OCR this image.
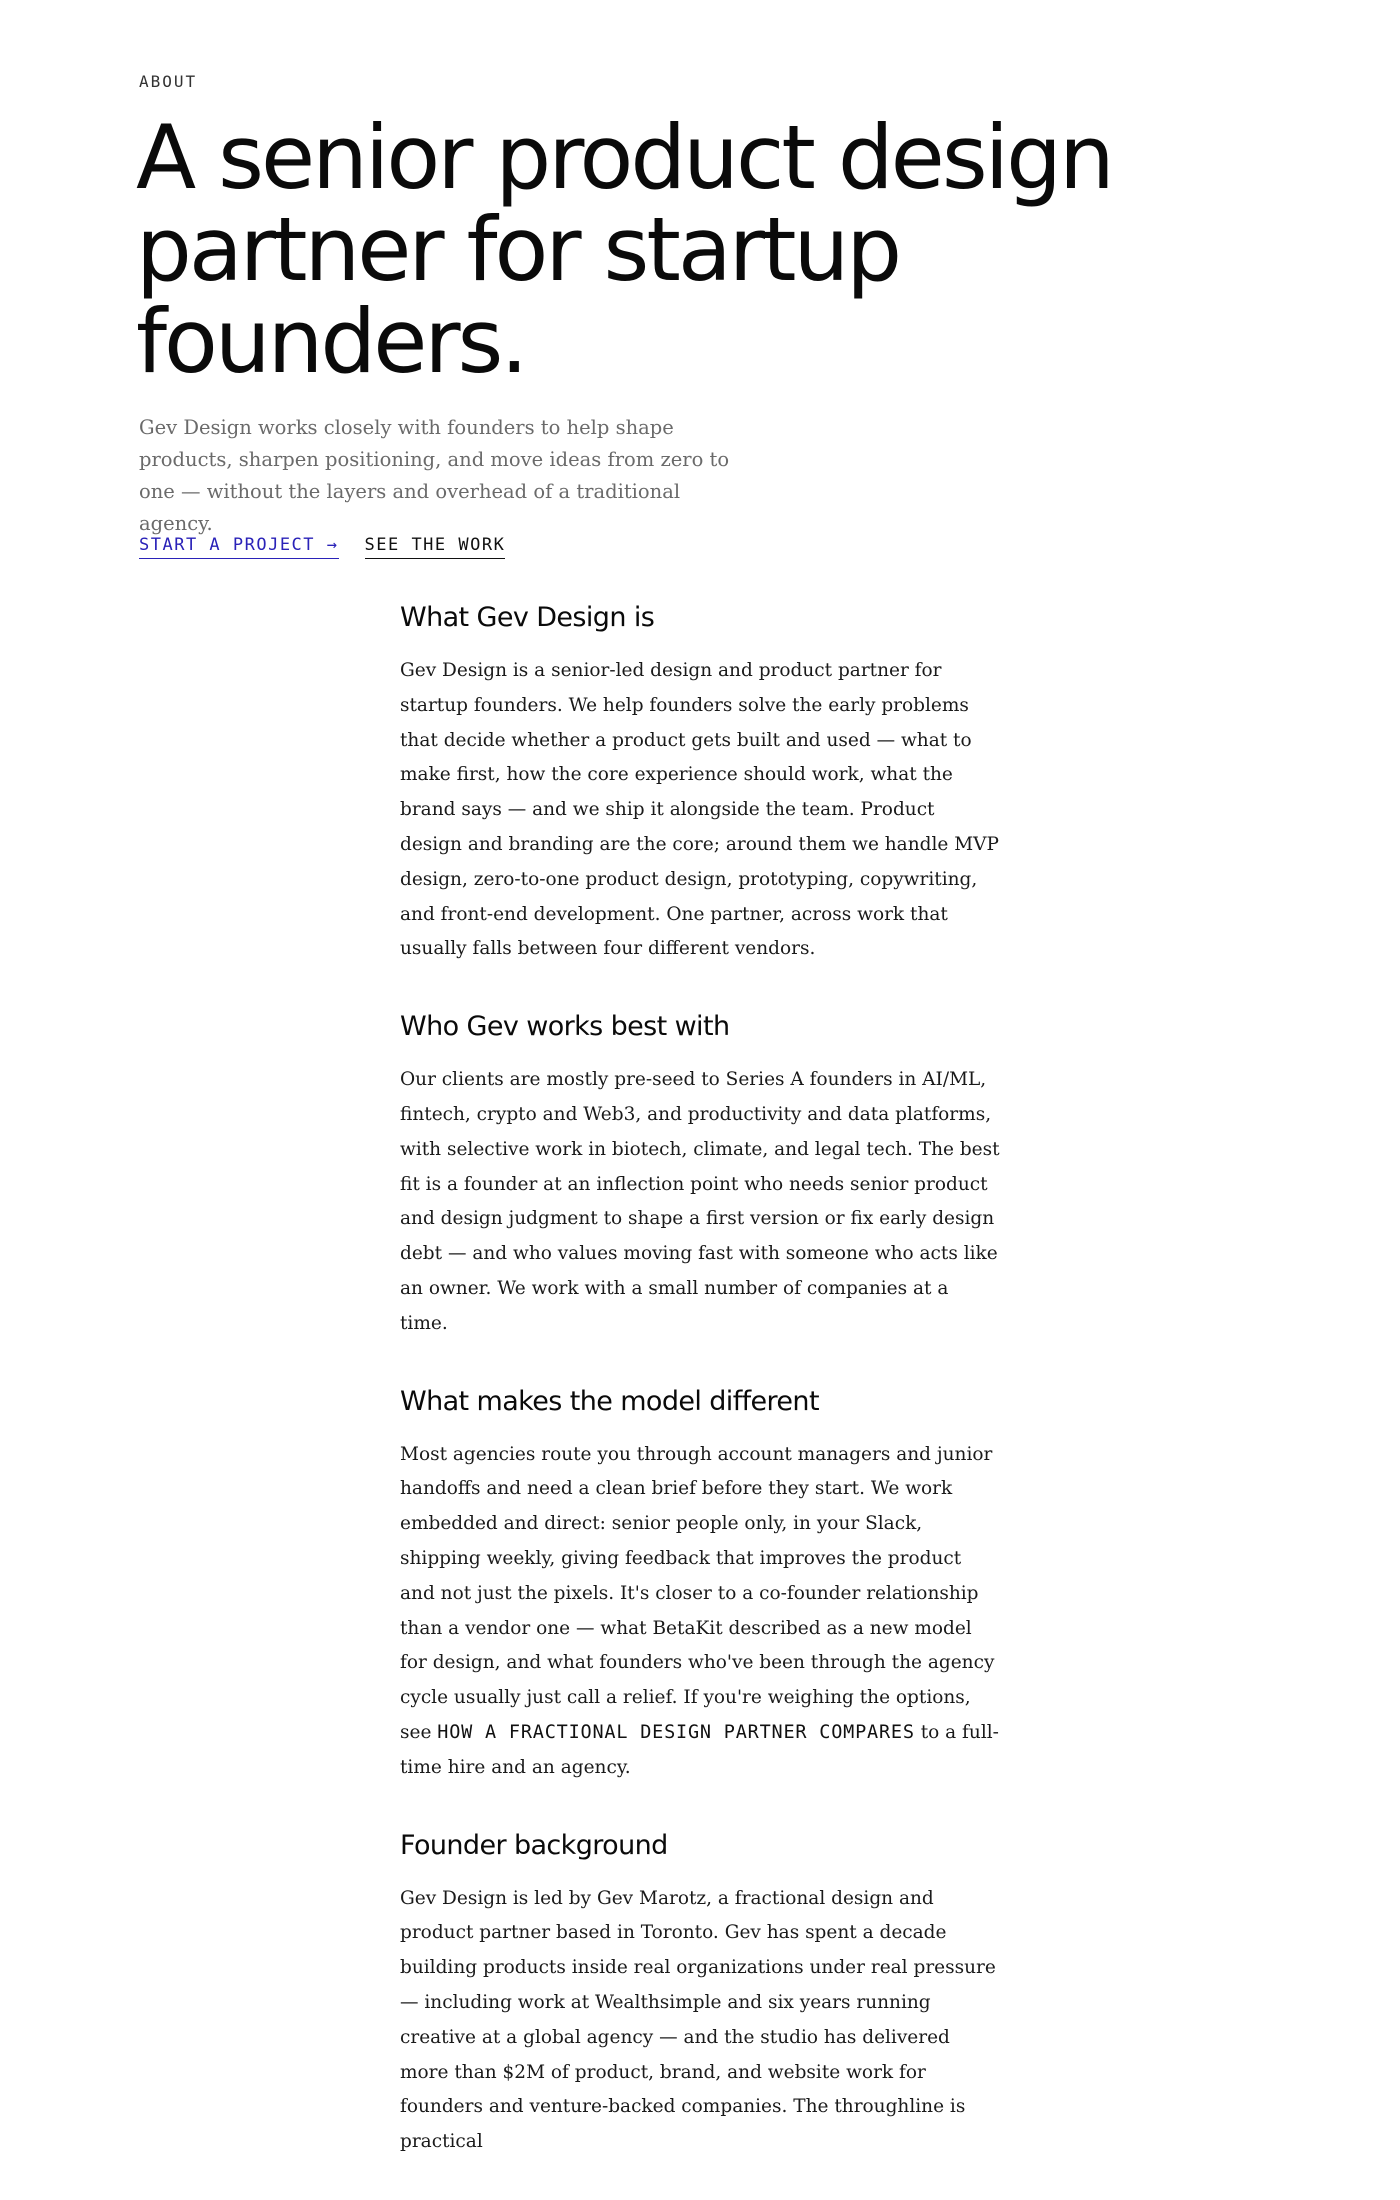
ABOUT
A senior product design partner for startup founders.

Gev Design works closely with founders to help shape products, sharpen positioning, and move ideas from zero to one — without the layers and overhead of a traditional agency.

START A PROJECT → SEE THE WORK
What Gev Design is

Gev Design is a senior-led design and product partner for startup founders. We help founders solve the early problems that decide whether a product gets built and used — what to make first, how the core experience should work, what the brand says — and we ship it alongside the team. Product design and branding are the core; around them we handle MVP design, zero-to-one product design, prototyping, copywriting, and front-end development. One partner, across work that usually falls between four different vendors.

Who Gev works best with

Our clients are mostly pre-seed to Series A founders in AI/ML, fintech, crypto and Web3, and productivity and data platforms, with selective work in biotech, climate, and legal tech. The best fit is a founder at an inflection point who needs senior product and design judgment to shape a first version or fix early design debt — and who values moving fast with someone who acts like an owner. We work with a small number of companies at a time.

What makes the model different

Most agencies route you through account managers and junior handoffs and need a clean brief before they start. We work embedded and direct: senior people only, in your Slack, shipping weekly, giving feedback that improves the product and not just the pixels. It's closer to a co-founder relationship than a vendor one — what BetaKit described as a new model for design, and what founders who've been through the agency cycle usually just call a relief. If you're weighing the options, see HOW A FRACTIONAL DESIGN PARTNER COMPARES to a full-time hire and an agency.

Founder background

Gev Design is led by Gev Marotz, a fractional design and product partner based in Toronto. Gev has spent a decade building products inside real organizations under real pressure — including work at Wealthsimple and six years running creative at a global agency — and the studio has delivered more than $2M of product, brand, and website work for founders and venture-backed companies. The throughline is practical
